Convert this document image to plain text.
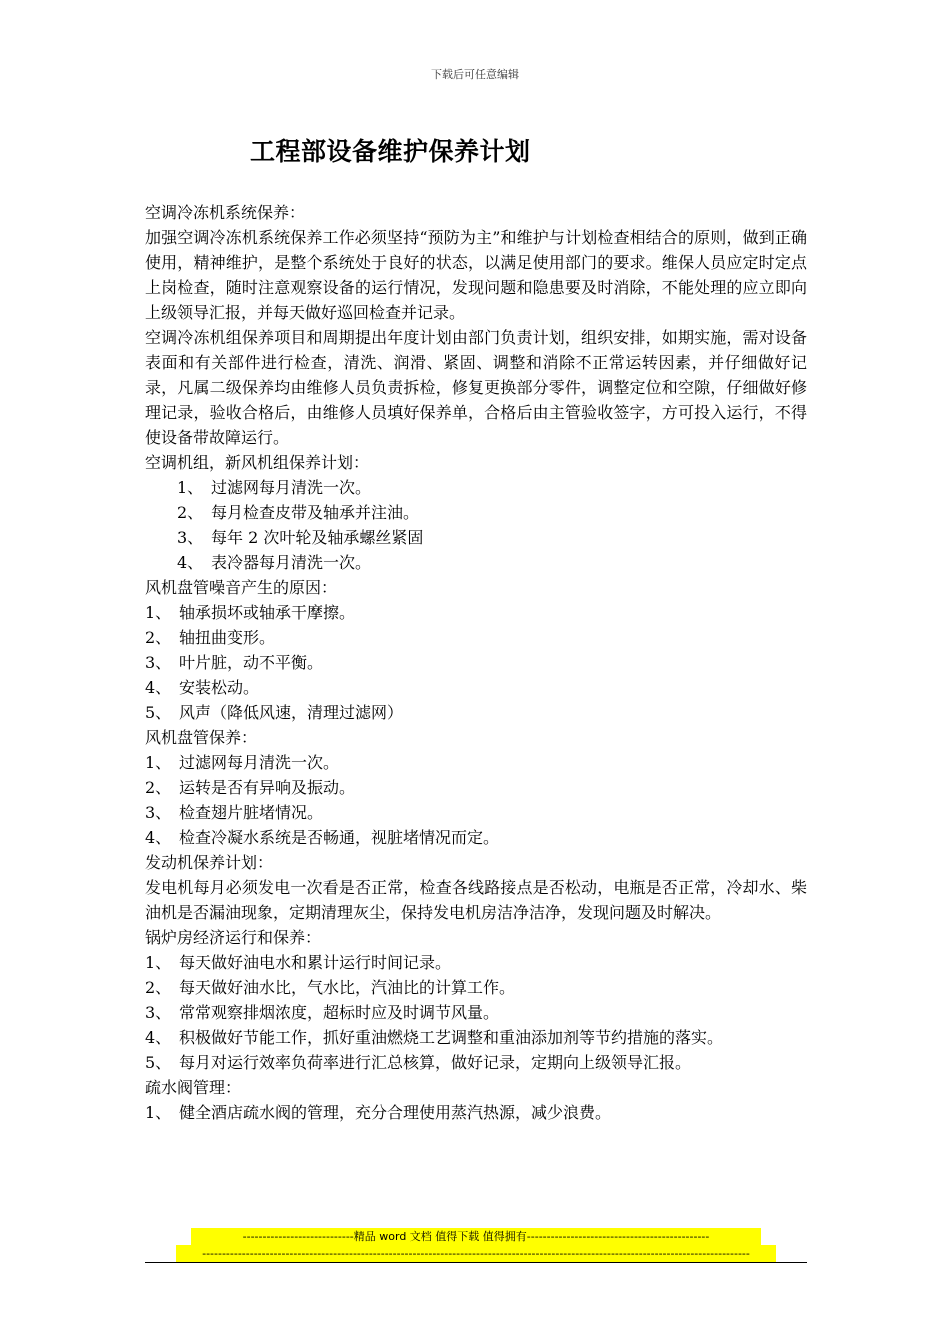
下载后可任意编辑
工程部设备维护保养计划

空调冷冻机系统保养：

加强空调冷冻机系统保养工作必须坚持“预防为主”和维护与计划检查相结合的原则，做到正确使用，精神维护，是整个系统处于良好的状态，以满足使用部门的要求。维保人员应定时定点上岗检查，随时注意观察设备的运行情况，发现问题和隐患要及时消除，不能处理的应立即向上级领导汇报，并每天做好巡回检查并记录。

空调冷冻机组保养项目和周期提出年度计划由部门负责计划，组织安排，如期实施，需对设备表面和有关部件进行检查，清洗、润滑、紧固、调整和消除不正常运转因素，并仔细做好记录，凡属二级保养均由维修人员负责拆检，修复更换部分零件，调整定位和空隙，仔细做好修理记录，验收合格后，由维修人员填好保养单，合格后由主管验收签字，方可投入运行，不得使设备带故障运行。

空调机组，新风机组保养计划：

1、 过滤网每月清洗一次。
2、 每月检查皮带及轴承并注油。
3、 每年 2 次叶轮及轴承螺丝紧固
4、 表冷器每月清洗一次。

风机盘管噪音产生的原因：

1、 轴承损坏或轴承干摩擦。
2、 轴扭曲变形。
3、 叶片脏，动不平衡。
4、 安装松动。
5、 风声（降低风速，清理过滤网）

风机盘管保养：

1、 过滤网每月清洗一次。
2、 运转是否有异响及振动。
3、 检查翅片脏堵情况。
4、 检查冷凝水系统是否畅通，视脏堵情况而定。

发动机保养计划：

发电机每月必须发电一次看是否正常，检查各线路接点是否松动，电瓶是否正常，冷却水、柴油机是否漏油现象，定期清理灰尘，保持发电机房洁净洁净，发现问题及时解决。

锅炉房经济运行和保养：

1、 每天做好油电水和累计运行时间记录。
2、 每天做好油水比，气水比，汽油比的计算工作。
3、 常常观察排烟浓度，超标时应及时调节风量。
4、 积极做好节能工作，抓好重油燃烧工艺调整和重油添加剂等节约措施的落实。
5、 每月对运行效率负荷率进行汇总核算，做好记录，定期向上级领导汇报。

疏水阀管理：

1、 健全酒店疏水阀的管理，充分合理使用蒸汽热源，减少浪费。
----------------------------精品 word 文档 值得下载 值得拥有----------------------------------------------
------------------------------------------------------------------------------------------------------------------------------------------
